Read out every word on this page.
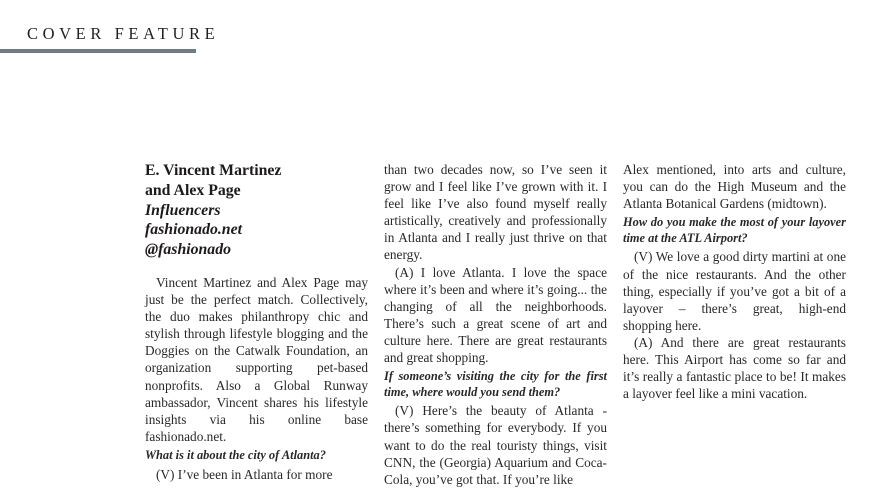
COVER FEATURE
E. Vincent Martinez
and Alex Page
Influencers
fashionado.net
@fashionado

Vincent Martinez and Alex Page may just be the perfect match. Collectively, the duo makes philanthropy chic and stylish through lifestyle blogging and the Doggies on the Catwalk Foundation, an organization supporting pet-based nonprofits. Also a Global Runway ambassador, Vincent shares his lifestyle insights via his online base fashionado.net.

What is it about the city of Atlanta?

(V) I’ve been in Atlanta for more

than two decades now, so I’ve seen it grow and I feel like I’ve grown with it. I feel like I’ve also found myself really artistically, creatively and professionally in Atlanta and I really just thrive on that energy.

(A) I love Atlanta. I love the space where it’s been and where it’s going... the changing of all the neighborhoods. There’s such a great scene of art and culture here. There are great restaurants and great shopping.

If someone’s visiting the city for the first time, where would you send them?

(V) Here’s the beauty of Atlanta - there’s something for everybody. If you want to do the real touristy things, visit CNN, the (Georgia) Aquarium and Coca-Cola, you’ve got that. If you’re like

Alex mentioned, into arts and culture, you can do the High Museum and the Atlanta Botanical Gardens (midtown).

How do you make the most of your layover time at the ATL Airport?

(V) We love a good dirty martini at one of the nice restaurants. And the other thing, especially if you’ve got a bit of a layover – there’s great, high-end shopping here.

(A) And there are great restaurants here. This Airport has come so far and it’s really a fantastic place to be! It makes a layover feel like a mini vacation.
